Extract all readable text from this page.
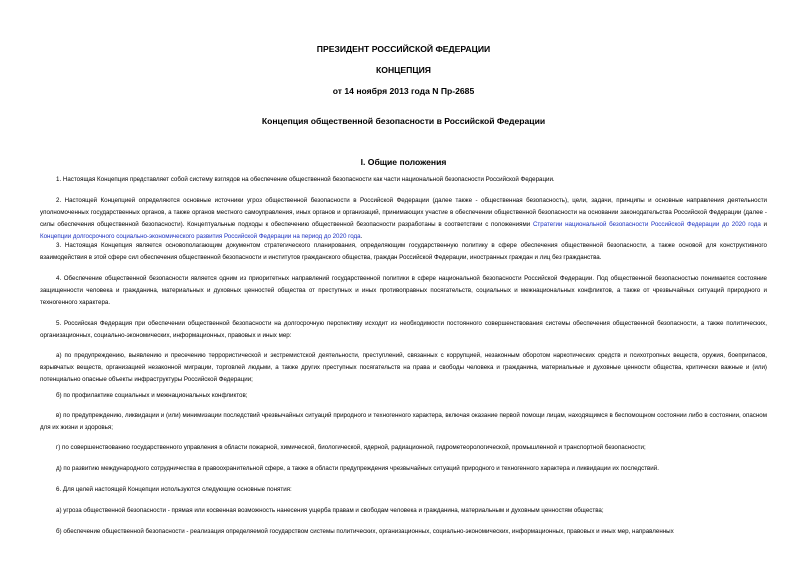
ПРЕЗИДЕНТ РОССИЙСКОЙ ФЕДЕРАЦИИ
КОНЦЕПЦИЯ
от 14 ноября 2013 года N Пр-2685
Концепция общественной безопасности в Российской Федерации
I. Общие положения
1. Настоящая Концепция представляет собой систему взглядов на обеспечение общественной безопасности как части национальной безопасности Российской Федерации.
2. Настоящей Концепцией определяются основные источники угроз общественной безопасности в Российской Федерации (далее также - общественная безопасность), цели, задачи, принципы и основные направления деятельности уполномоченных государственных органов, а также органов местного самоуправления, иных органов и организаций, принимающих участие в обеспечении общественной безопасности на основании законодательства Российской Федерации (далее - силы обеспечения общественной безопасности). Концептуальные подходы к обеспечению общественной безопасности разработаны в соответствии с положениями Стратегии национальной безопасности Российской Федерации до 2020 года и Концепции долгосрочного социально-экономического развития Российской Федерации на период до 2020 года.
3. Настоящая Концепция является основополагающим документом стратегического планирования, определяющим государственную политику в сфере обеспечения общественной безопасности, а также основой для конструктивного взаимодействия в этой сфере сил обеспечения общественной безопасности и институтов гражданского общества, граждан Российской Федерации, иностранных граждан и лиц без гражданства.
4. Обеспечение общественной безопасности является одним из приоритетных направлений государственной политики в сфере национальной безопасности Российской Федерации. Под общественной безопасностью понимается состояние защищенности человека и гражданина, материальных и духовных ценностей общества от преступных и иных противоправных посягательств, социальных и межнациональных конфликтов, а также от чрезвычайных ситуаций природного и техногенного характера.
5. Российская Федерация при обеспечении общественной безопасности на долгосрочную перспективу исходит из необходимости постоянного совершенствования системы обеспечения общественной безопасности, а также политических, организационных, социально-экономических, информационных, правовых и иных мер:
а) по предупреждению, выявлению и пресечению террористической и экстремистской деятельности, преступлений, связанных с коррупцией, незаконным оборотом наркотических средств и психотропных веществ, оружия, боеприпасов, взрывчатых веществ, организацией незаконной миграции, торговлей людьми, а также других преступных посягательств на права и свободы человека и гражданина, материальные и духовные ценности общества, критически важные и (или) потенциально опасные объекты инфраструктуры Российской Федерации;
б) по профилактике социальных и межнациональных конфликтов;
в) по предупреждению, ликвидации и (или) минимизации последствий чрезвычайных ситуаций природного и техногенного характера, включая оказание первой помощи лицам, находящимся в беспомощном состоянии либо в состоянии, опасном для их жизни и здоровья;
г) по совершенствованию государственного управления в области пожарной, химической, биологической, ядерной, радиационной, гидрометеорологической, промышленной и транспортной безопасности;
д) по развитию международного сотрудничества в правоохранительной сфере, а также в области предупреждения чрезвычайных ситуаций природного и техногенного характера и ликвидации их последствий.
6. Для целей настоящей Концепции используются следующие основные понятия:
а) угроза общественной безопасности - прямая или косвенная возможность нанесения ущерба правам и свободам человека и гражданина, материальным и духовным ценностям общества;
б) обеспечение общественной безопасности - реализация определяемой государством системы политических, организационных, социально-экономических, информационных, правовых и иных мер, направленных
